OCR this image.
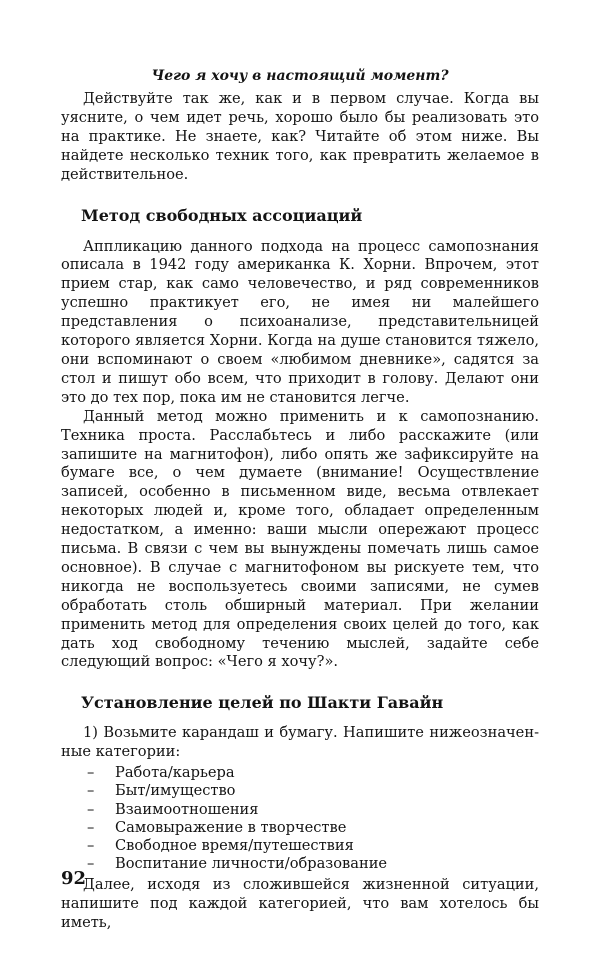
Чего я хочу в настоящий момент?

Действуйте так же, как и в первом случае. Когда вы уясните, о чем идет речь, хорошо было бы реализовать это на практике. Не знаете, как? Читайте об этом ниже. Вы найдете несколько техник того, как превратить желаемое в действительное.

Метод свободных ассоциаций

Аппликацию данного подхода на процесс самопознания описала в 1942 году американка К. Хорни. Впрочем, этот прием стар, как само человечество, и ряд современников успешно практикует его, не имея ни малейшего представления о психоанализе, представительницей которого является Хорни. Когда на душе становится тяжело, они вспоминают о своем «любимом дневнике», садятся за стол и пишут обо всем, что приходит в голову. Делают они это до тех пор, пока им не становится легче.

Данный метод можно применить и к самопознанию. Техника проста. Расслабьтесь и либо расскажите (или запишите на магнитофон), либо опять же зафиксируйте на бумаге все, о чем думаете (внимание! Осуществление записей, особенно в письменном виде, весьма отвлекает некоторых людей и, кроме того, обладает определенным недостатком, а именно: ваши мысли опережают процесс письма. В связи с чем вы вынуждены помечать лишь самое основное). В случае с магнитофоном вы рискуете тем, что никогда не воспользуетесь своими записями, не сумев обработать столь обширный материал. При желании применить метод для определения своих целей до того, как дать ход свободному течению мыслей, задайте себе следующий вопрос: «Чего я хочу?».

Установление целей по Шакти Гавайн

1) Возьмите карандаш и бумагу. Напишите нижеозначенные категории:

– Работа/карьера
– Быт/имущество
– Взаимоотношения
– Самовыражение в творчестве
– Свободное время/путешествия
– Воспитание личности/образование

Далее, исходя из сложившейся жизненной ситуации, напишите под каждой категорией, что вам хотелось бы иметь,

92
